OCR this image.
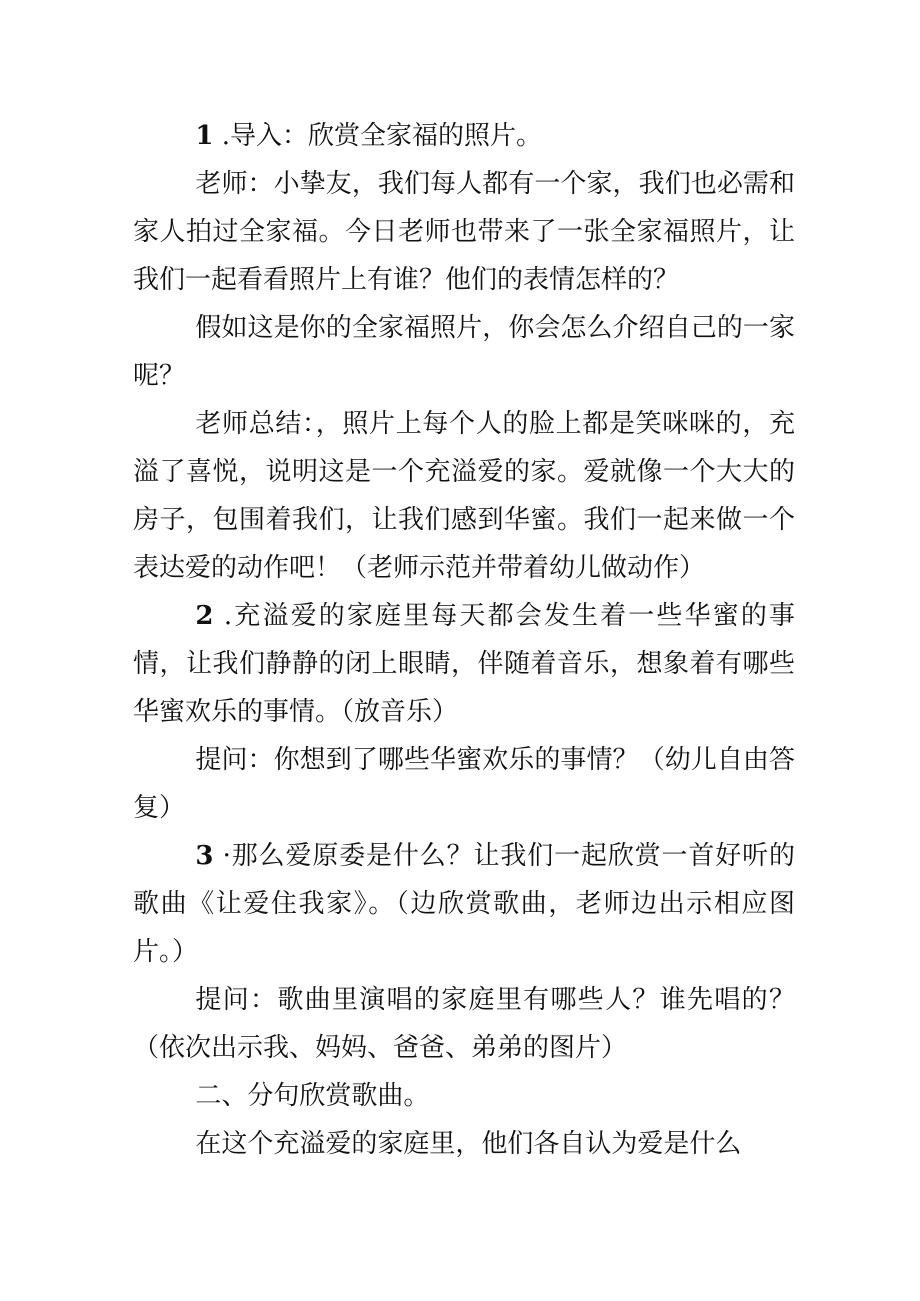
1 .导入：欣赏全家福的照片。

老师：小挚友，我们每人都有一个家，我们也必需和家人拍过全家福。今日老师也带来了一张全家福照片，让我们一起看看照片上有谁？他们的表情怎样的？

假如这是你的全家福照片，你会怎么介绍自己的一家呢？

老师总结：，照片上每个人的脸上都是笑咪咪的，充溢了喜悦，说明这是一个充溢爱的家。爱就像一个大大的房子，包围着我们，让我们感到华蜜。我们一起来做一个表达爱的动作吧！（老师示范并带着幼儿做动作）

2 .充溢爱的家庭里每天都会发生着一些华蜜的事情，让我们静静的闭上眼睛，伴随着音乐，想象着有哪些华蜜欢乐的事情。（放音乐）

提问：你想到了哪些华蜜欢乐的事情？（幼儿自由答复）

3 ·那么爱原委是什么？让我们一起欣赏一首好听的歌曲《让爱住我家》。（边欣赏歌曲，老师边出示相应图片。）

提问：歌曲里演唱的家庭里有哪些人？谁先唱的？（依次出示我、妈妈、爸爸、弟弟的图片）

二、分句欣赏歌曲。

在这个充溢爱的家庭里，他们各自认为爱是什么
